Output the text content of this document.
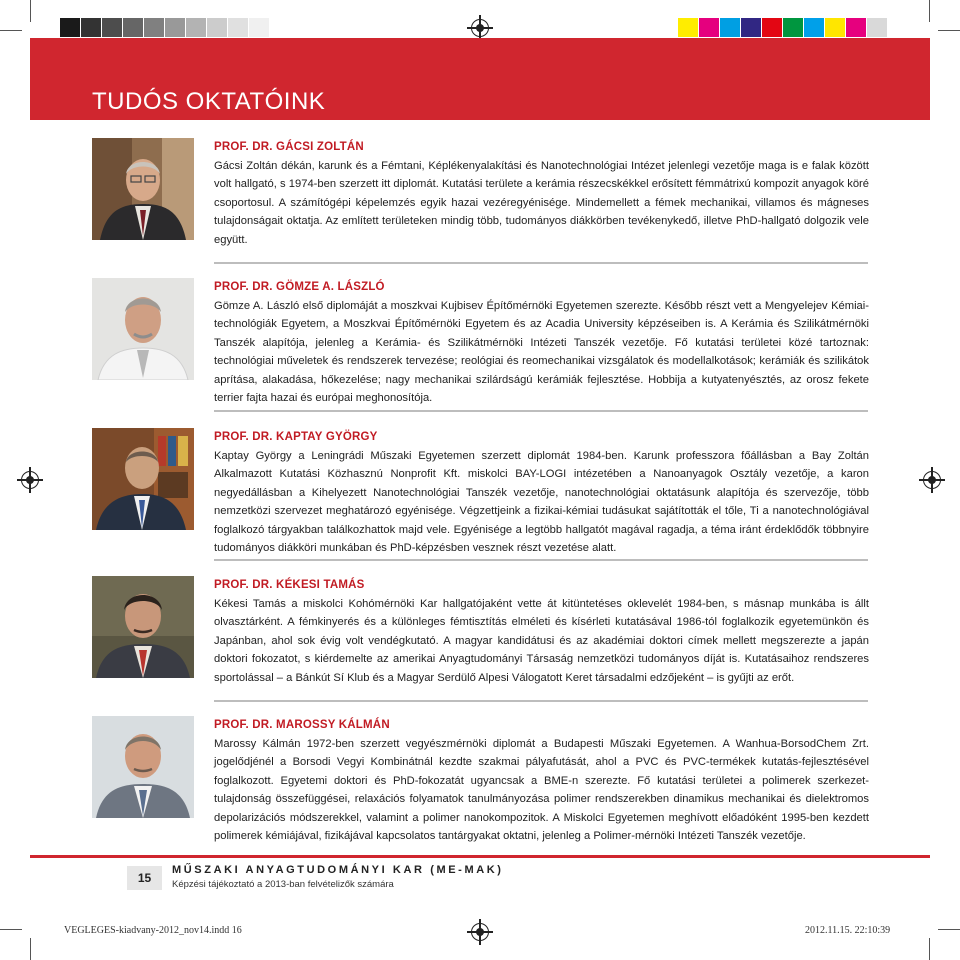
TUDÓS OKTATÓINK

PROF. DR. GÁCSI ZOLTÁN

Gácsi Zoltán dékán, karunk és a Fémtani, Képlékenyalakítási és Nanotechnológiai Intézet jelenlegi vezetője maga is e falak között volt hallgató, s 1974-ben szerzett itt diplomát. Kutatási területe a kerámia részecskékkel erősített fémmátrixú kompozit anyagok köré csoportosul. A számítógépi képelemzés egyik hazai vezéregyénisége. Mindemellett a fémek mechanikai, villamos és mágneses tulajdonságait oktatja. Az említett területeken mindig több, tudományos diákkörben tevékenykedő, illetve PhD-hallgató dolgozik vele együtt.

PROF. DR. GÖMZE A. LÁSZLÓ

Gömze A. László első diplomáját a moszkvai Kujbisev Építőmérnöki Egyetemen szerezte. Később részt vett a Mengyelejev Kémiai-technológiák Egyetem, a Moszkvai Építőmérnöki Egyetem és az Acadia University képzéseiben is. A Kerámia és Szilikátmérnöki Tanszék alapítója, jelenleg a Kerámia- és Szilikátmérnöki Intézeti Tanszék vezetője. Fő kutatási területei közé tartoznak: technológiai műveletek és rendszerek tervezése; reológiai és reomechanikai vizsgálatok és modellalkotások; kerámiák és szilikátok aprítása, alakadása, hőkezelése; nagy mechanikai szilárdságú kerámiák fejlesztése. Hobbija a kutyatenyésztés, az orosz fekete terrier fajta hazai és európai meghonosítója.

PROF. DR. KAPTAY GYÖRGY

Kaptay György a Leningrádi Műszaki Egyetemen szerzett diplomát 1984-ben. Karunk professzora főállásban a Bay Zoltán Alkalmazott Kutatási Közhasznú Nonprofit Kft. miskolci BAY-LOGI intézetében a Nanoanyagok Osztály vezetője, a karon negyedállásban a Kihelyezett Nanotechnológiai Tanszék vezetője, nanotechnológiai oktatásunk alapítója és szervezője, több nemzetközi szervezet meghatározó egyénisége. Végzettjeink a fizikai-kémiai tudásukat sajátították el tőle, Ti a nanotechnológiával foglalkozó tárgyakban találkozhattok majd vele. Egyénisége a legtöbb hallgatót magával ragadja, a téma iránt érdeklődők többnyire tudományos diákköri munkában és PhD-képzésben vesznek részt vezetése alatt.

PROF. DR. KÉKESI TAMÁS

Kékesi Tamás a miskolci Kohómérnöki Kar hallgatójaként vette át kitüntetéses oklevelét 1984-ben, s másnap munkába is állt olvasztárként. A fémkinyerés és a különleges fémtisztítás elméleti és kísérleti kutatásával 1986-tól foglalkozik egyetemünkön és Japánban, ahol sok évig volt vendégkutató. A magyar kandidátusi és az akadémiai doktori címek mellett megszerezte a japán doktori fokozatot, s kiérdemelte az amerikai Anyagtudományi Társaság nemzetközi tudományos díját is. Kutatásaihoz rendszeres sportolással – a Bánkút Sí Klub és a Magyar Serdülő Alpesi Válogatott Keret társadalmi edzőjeként – is gyűjti az erőt.

PROF. DR. MAROSSY KÁLMÁN

Marossy Kálmán 1972-ben szerzett vegyészmérnöki diplomát a Budapesti Műszaki Egyetemen. A Wanhua-BorsodChem Zrt. jogelődjénél a Borsodi Vegyi Kombinátnál kezdte szakmai pályafutását, ahol a PVC és PVC-termékek kutatás-fejlesztésével foglalkozott. Egyetemi doktori és PhD-fokozatát ugyancsak a BME-n szerezte. Fő kutatási területei a polimerek szerkezet-tulajdonság összefüggései, relaxációs folyamatok tanulmányozása polimer rendszerekben dinamikus mechanikai és dielektromos depolarizációs módszerekkel, valamint a polimer nanokompozitok. A Miskolci Egyetemen meghívott előadóként 1995-ben kezdett polimerek kémiájával, fizikájával kapcsolatos tantárgyakat oktatni, jelenleg a Polimer-mérnöki Intézeti Tanszék vezetője.

15
MŰSZAKI ANYAGTUDOMÁNYI KAR (ME-MAK)
Képzési tájékoztató a 2013-ban felvételizők számára
VEGLEGES-kiadvany-2012_nov14.indd 16	2012.11.15. 22:10:39
